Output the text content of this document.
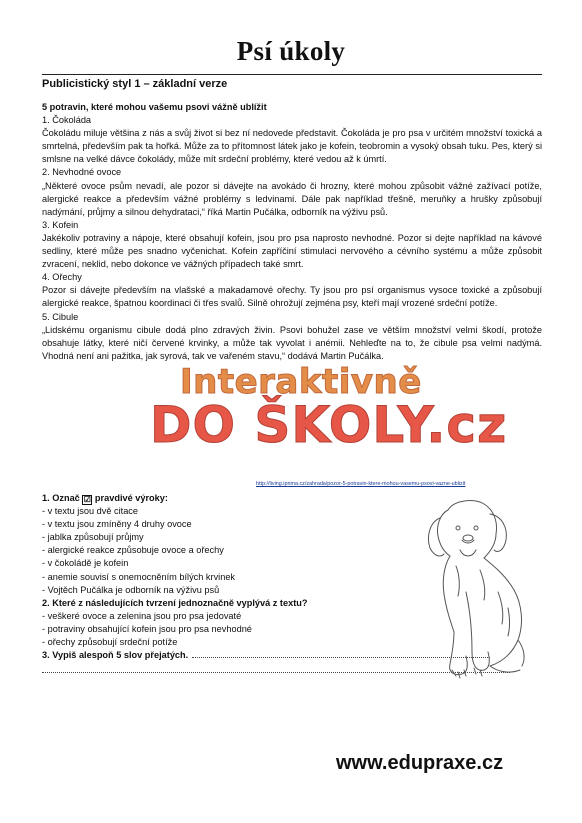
Psí úkoly
Publicistický styl 1 – základní verze

5 potravin, které mohou vašemu psovi vážně ublížit

1. Čokoláda

Čokoládu miluje většina z nás a svůj život si bez ní nedovede představit. Čokoláda je pro psa v určitém množství toxická a smrtelná, především pak ta hořká. Může za to přítomnost látek jako je kofein, teobromin a vysoký obsah tuku. Pes, který si smlsne na velké dávce čokolády, může mít srdeční problémy, které vedou až k úmrtí.

2. Nevhodné ovoce

„Některé ovoce psům nevadí, ale pozor si dávejte na avokádo či hrozny, které mohou způsobit vážné zažívací potíže, alergické reakce a především vážné problémy s ledvinami. Dále pak například třešně, meruňky a hrušky způsobují nadýmání, průjmy a silnou dehydrataci,“ říká Martin Pučálka, odborník na výživu psů.

3. Kofein

Jakékoliv potraviny a nápoje, které obsahují kofein, jsou pro psa naprosto nevhodné. Pozor si dejte například na kávové sedliny, které může pes snadno vyčenichat. Kofein zapříčiní stimulaci nervového a cévního systému a může způsobit zvracení, neklid, nebo dokonce ve vážných případech také smrt.

4. Ořechy

Pozor si dávejte především na vlašské a makadamové ořechy. Ty jsou pro psí organismus vysoce toxické a způsobují alergické reakce, špatnou koordinaci či třes svalů. Silně ohrožují zejména psy, kteří mají vrozené srdeční potíže.

5. Cibule

„Lidskému organismu cibule dodá plno zdravých živin. Psovi bohužel zase ve větším množství velmi škodí, protože obsahuje látky, které ničí červené krvinky, a může tak vyvolat i anémii. Nehleďte na to, že cibule psa velmi nadýmá. Vhodná není ani pažitka, jak syrová, tak ve vařeném stavu,“ dodává Martin Pučálka.

Interaktivně
DO ŠKOLY.cz
http://living.iprima.cz/zahrada/pozor-5-potravin-ktere-mohou-vasemu-psovi-vazne-ublizit
1. Označ ☑ pravdivé výroky:
- v textu jsou dvě citace
- v textu jsou zmíněny 4 druhy ovoce
- jablka způsobují průjmy
- alergické reakce způsobuje ovoce a ořechy
- v čokoládě je kofein
- anemie souvisí s onemocněním bílých krvinek
- Vojtěch Pučálka je odborník na výživu psů
2. Které z následujících tvrzení jednoznačně vyplývá z textu?
- veškeré ovoce a zelenina jsou pro psa jedovaté
- potraviny obsahující kofein jsou pro psa nevhodné
- ořechy způsobují srdeční potíže
3. Vypiš alespoň 5 slov přejatých.
www.edupraxe.cz
